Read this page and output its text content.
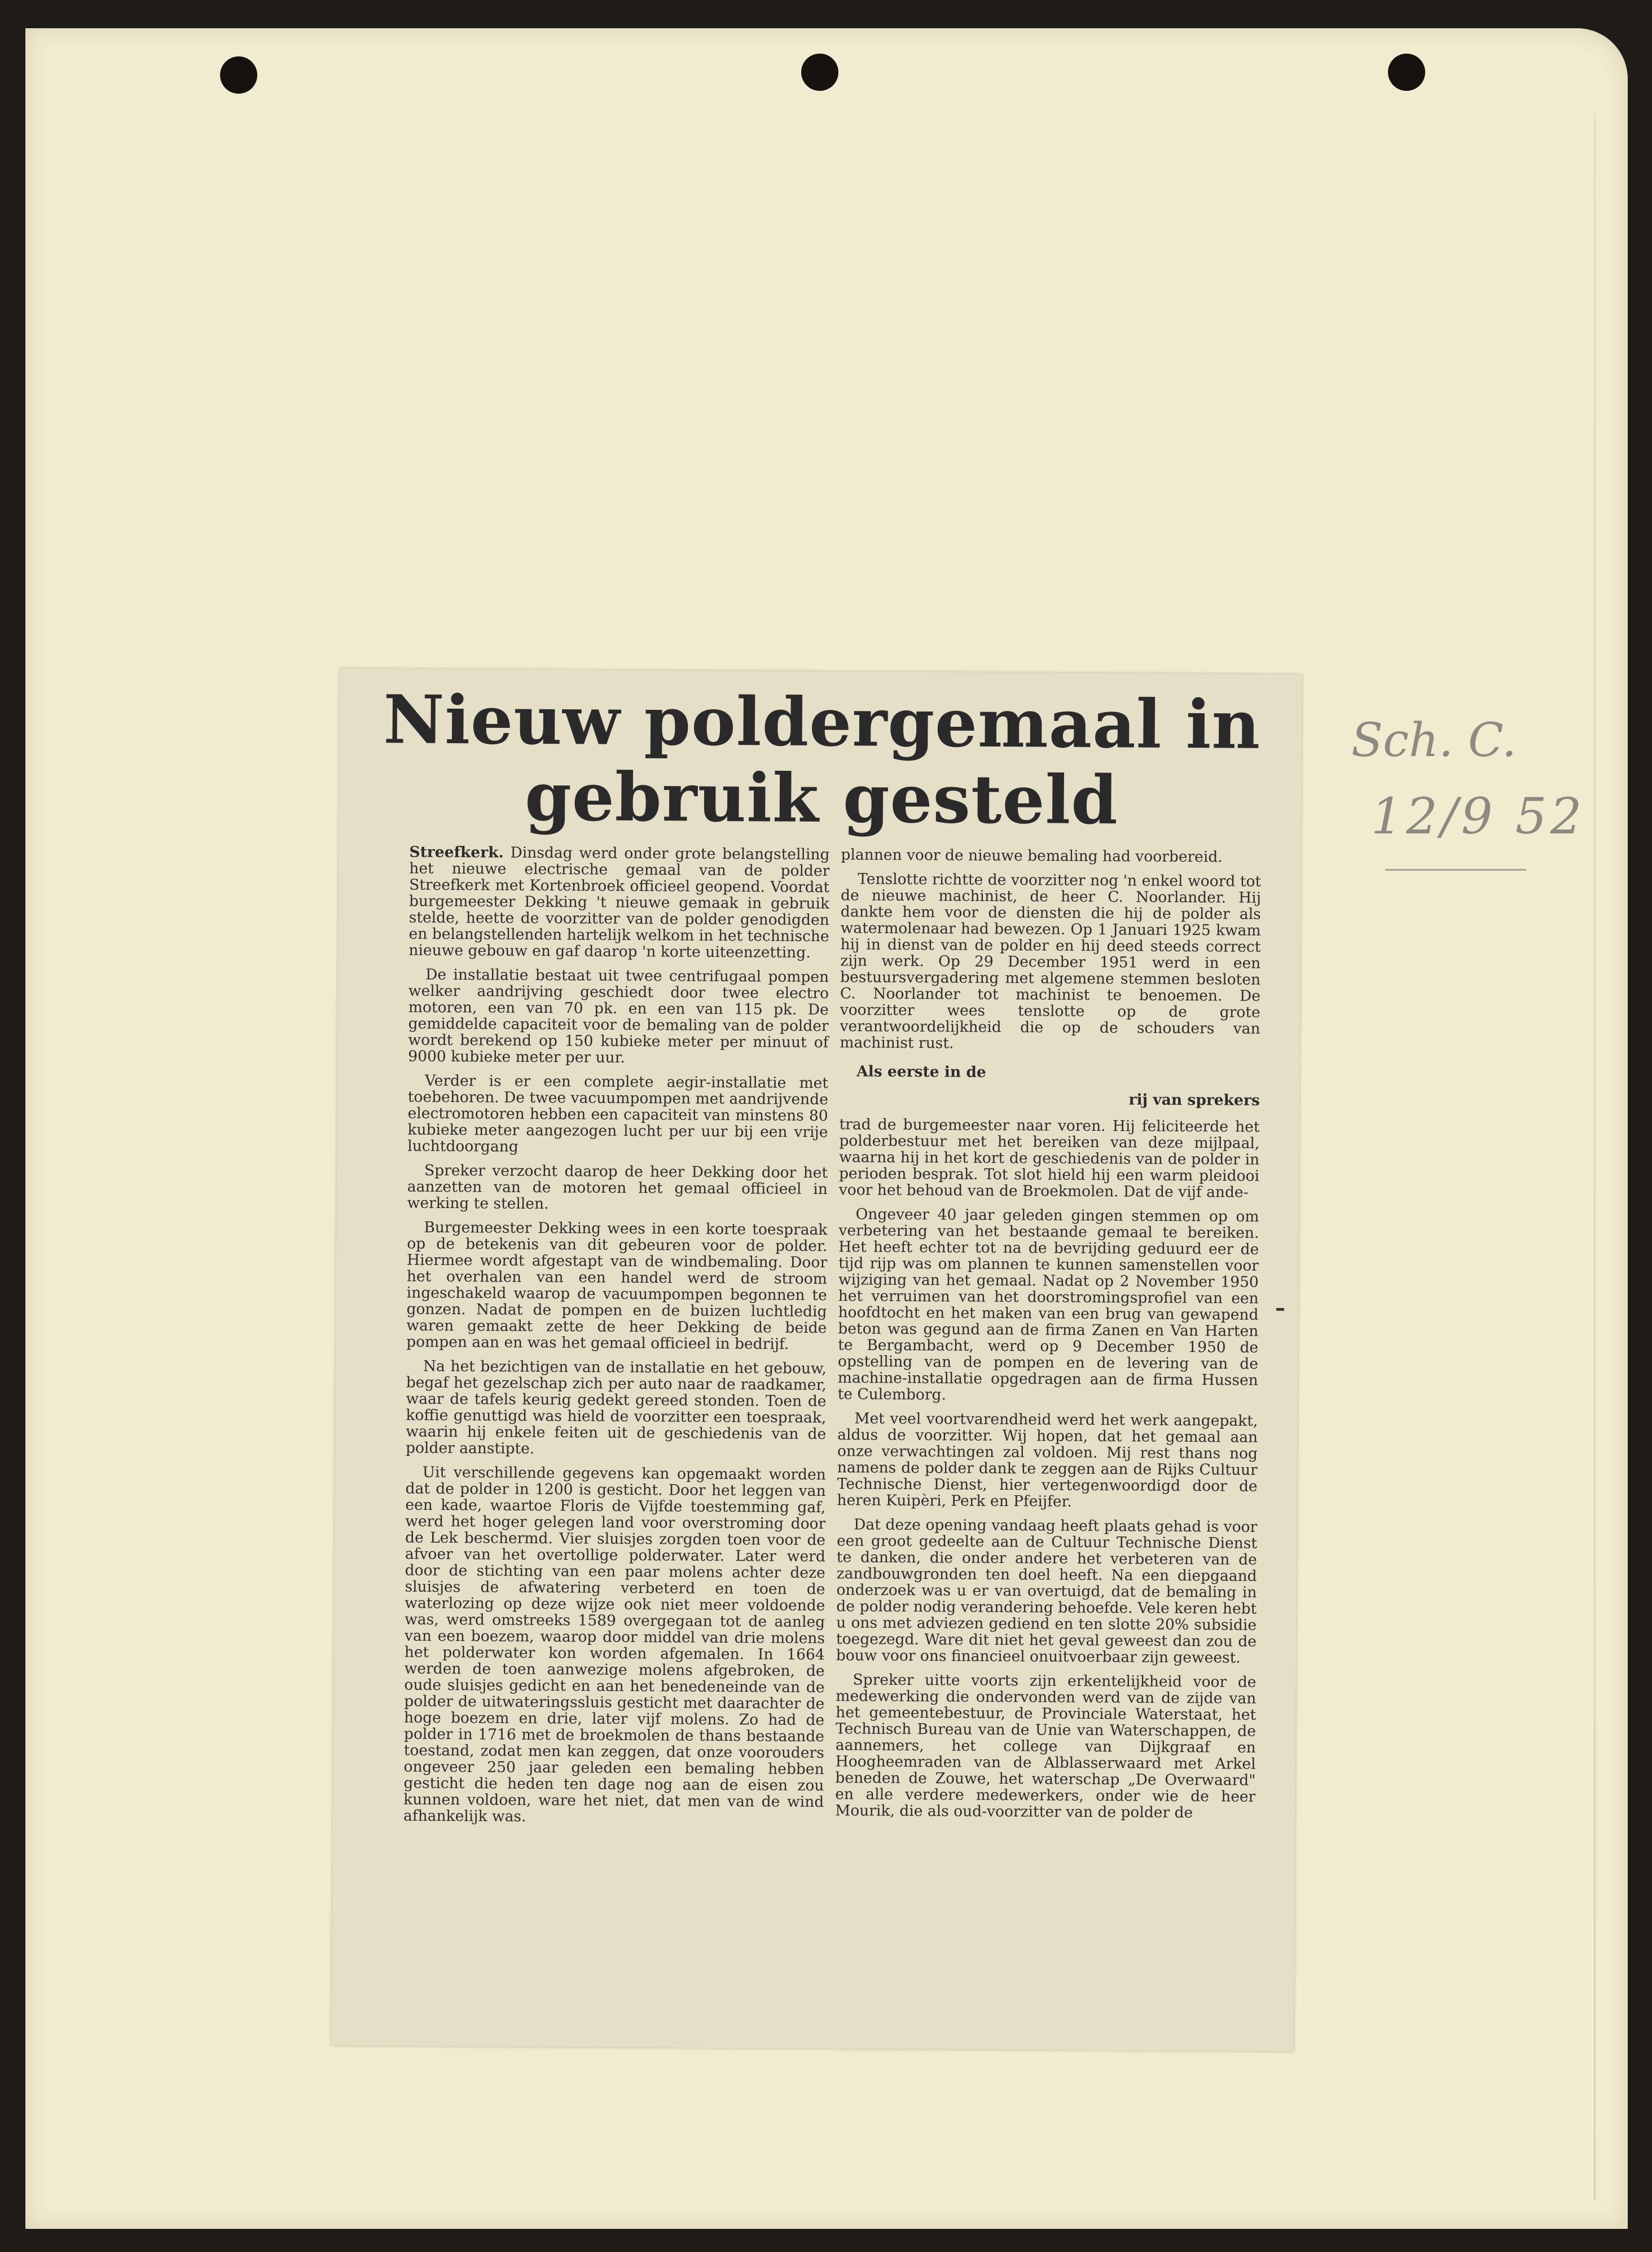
Nieuw poldergemaal in gebruik gesteld

Streefkerk. Dinsdag werd onder grote belangstelling het nieuwe electrische gemaal van de polder Streefkerk met Kortenbroek officieel geopend. Voordat burgemeester Dekking 't nieuwe gemaak in gebruik stelde, heette de voorzitter van de polder genodigden en belangstellenden hartelijk welkom in het technische nieuwe gebouw en gaf daarop 'n korte uiteenzetting.

De installatie bestaat uit twee centrifugaal pompen welker aandrijving geschiedt door twee electro motoren, een van 70 pk. en een van 115 pk. De gemiddelde capaciteit voor de bemaling van de polder wordt berekend op 150 kubieke meter per minuut of 9000 kubieke meter per uur.

Verder is er een complete aegir-installatie met toebehoren. De twee vacuumpompen met aandrijvende electromotoren hebben een capaciteit van minstens 80 kubieke meter aangezogen lucht per uur bij een vrije luchtdoorgang

Spreker verzocht daarop de heer Dekking door het aanzetten van de motoren het gemaal officieel in werking te stellen.

Burgemeester Dekking wees in een korte toespraak op de betekenis van dit gebeuren voor de polder. Hiermee wordt afgestapt van de windbemaling. Door het overhalen van een handel werd de stroom ingeschakeld waarop de vacuumpompen begonnen te gonzen. Nadat de pompen en de buizen luchtledig waren gemaakt zette de heer Dekking de beide pompen aan en was het gemaal officieel in bedrijf.

Na het bezichtigen van de installatie en het gebouw, begaf het gezelschap zich per auto naar de raadkamer, waar de tafels keurig gedekt gereed stonden. Toen de koffie genuttigd was hield de voorzitter een toespraak, waarin hij enkele feiten uit de geschiedenis van de polder aanstipte.

Uit verschillende gegevens kan opgemaakt worden dat de polder in 1200 is gesticht. Door het leggen van een kade, waartoe Floris de Vijfde toestemming gaf, werd het hoger gelegen land voor overstroming door de Lek beschermd. Vier sluisjes zorgden toen voor de afvoer van het overtollige polderwater. Later werd door de stichting van een paar molens achter deze sluisjes de afwatering verbeterd en toen de waterlozing op deze wijze ook niet meer voldoende was, werd omstreeks 1589 overgegaan tot de aanleg van een boezem, waarop door middel van drie molens het polderwater kon worden afgemalen. In 1664 werden de toen aanwezige molens afgebroken, de oude sluisjes gedicht en aan het benedeneinde van de polder de uitwateringssluis gesticht met daarachter de hoge boezem en drie, later vijf molens. Zo had de polder in 1716 met de broekmolen de thans bestaande toestand, zodat men kan zeggen, dat onze voorouders ongeveer 250 jaar geleden een bemaling hebben gesticht die heden ten dage nog aan de eisen zou kunnen voldoen, ware het niet, dat men van de wind afhankelijk was.

plannen voor de nieuwe bemaling had voorbereid.

Tenslotte richtte de voorzitter nog 'n enkel woord tot de nieuwe machinist, de heer C. Noorlander. Hij dankte hem voor de diensten die hij de polder als watermolenaar had bewezen. Op 1 Januari 1925 kwam hij in dienst van de polder en hij deed steeds correct zijn werk. Op 29 December 1951 werd in een bestuursvergadering met algemene stemmen besloten C. Noorlander tot machinist te benoemen. De voorzitter wees tenslotte op de grote verantwoordelijkheid die op de schouders van machinist rust.

Als eerste in de
rij van sprekers

trad de burgemeester naar voren. Hij feliciteerde het polderbestuur met het bereiken van deze mijlpaal, waarna hij in het kort de geschiedenis van de polder in perioden besprak. Tot slot hield hij een warm pleidooi voor het behoud van de Broekmolen. Dat de vijf ande-

Ongeveer 40 jaar geleden gingen stemmen op om verbetering van het bestaande gemaal te bereiken. Het heeft echter tot na de bevrijding geduurd eer de tijd rijp was om plannen te kunnen samenstellen voor wijziging van het gemaal. Nadat op 2 November 1950 het verruimen van het doorstromingsprofiel van een hoofdtocht en het maken van een brug van gewapend beton was gegund aan de firma Zanen en Van Harten te Bergambacht, werd op 9 December 1950 de opstelling van de pompen en de levering van de machine-installatie opgedragen aan de firma Hussen te Culemborg.

Met veel voortvarendheid werd het werk aangepakt, aldus de voorzitter. Wij hopen, dat het gemaal aan onze verwachtingen zal voldoen. Mij rest thans nog namens de polder dank te zeggen aan de Rijks Cultuur Technische Dienst, hier vertegenwoordigd door de heren Kuipèri, Perk en Pfeijfer.

Dat deze opening vandaag heeft plaats gehad is voor een groot gedeelte aan de Cultuur Technische Dienst te danken, die onder andere het verbeteren van de zandbouwgronden ten doel heeft. Na een diepgaand onderzoek was u er van overtuigd, dat de bemaling in de polder nodig verandering behoefde. Vele keren hebt u ons met adviezen gediend en ten slotte 20% subsidie toegezegd. Ware dit niet het geval geweest dan zou de bouw voor ons financieel onuitvoerbaar zijn geweest.

Spreker uitte voorts zijn erkentelijkheid voor de medewerking die ondervonden werd van de zijde van het gemeentebestuur, de Provinciale Waterstaat, het Technisch Bureau van de Unie van Waterschappen, de aannemers, het college van Dijkgraaf en Hoogheemraden van de Alblasserwaard met Arkel beneden de Zouwe, het waterschap „De Overwaard" en alle verdere medewerkers, onder wie de heer Mourik, die als oud-voorzitter van de polder de

Sch. C.
12/9 52
